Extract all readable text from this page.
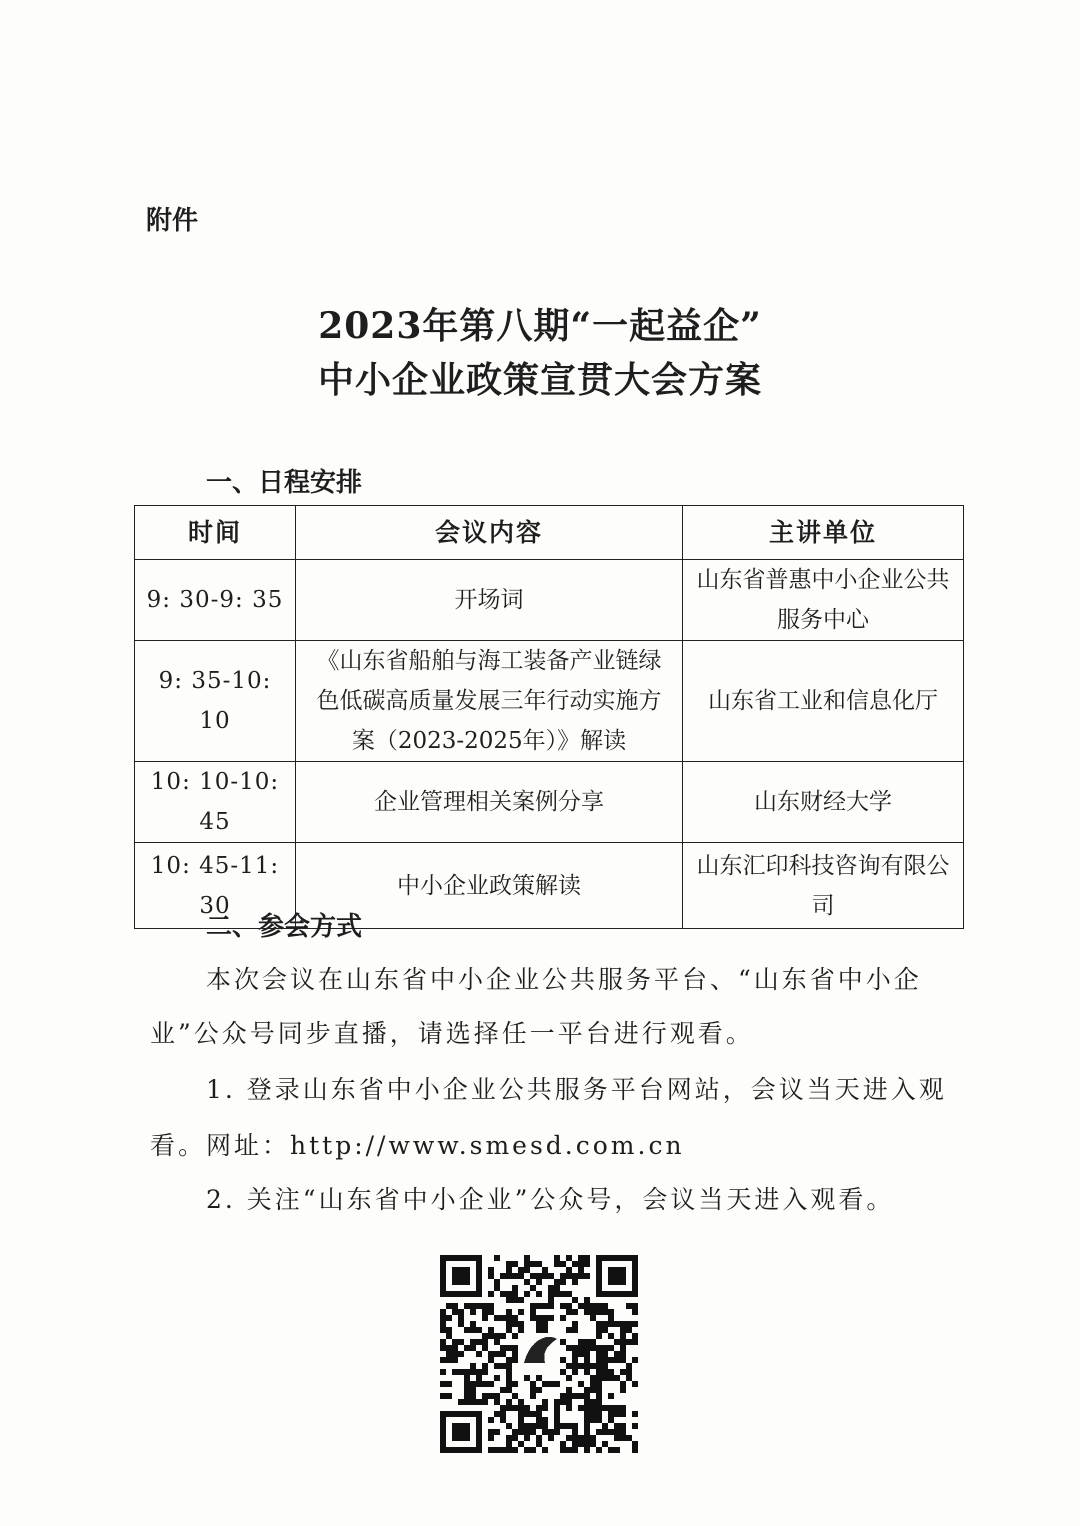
附件
2023年第八期“一起益企”
中小企业政策宣贯大会方案
一、日程安排
时间	会议内容	主讲单位
9: 30-9: 35	开场词	山东省普惠中小企业公共服务中心
9: 35-10: 10	《山东省船舶与海工装备产业链绿色低碳高质量发展三年行动实施方案（2023-2025年）》解读	山东省工业和信息化厅
10: 10-10: 45	企业管理相关案例分享	山东财经大学
10: 45-11: 30	中小企业政策解读	山东汇印科技咨询有限公司
二、参会方式
本次会议在山东省中小企业公共服务平台、“山东省中小企
业”公众号同步直播，请选择任一平台进行观看。
1. 登录山东省中小企业公共服务平台网站，会议当天进入观
看。网址：http://www.smesd.com.cn
2. 关注“山东省中小企业”公众号，会议当天进入观看。
